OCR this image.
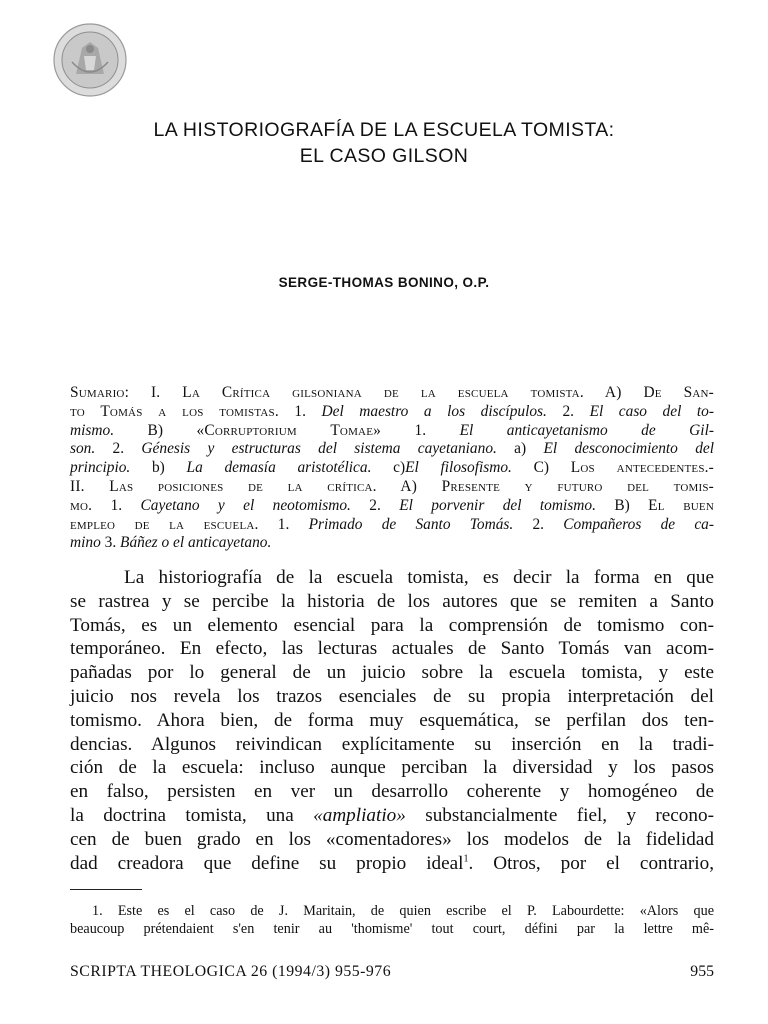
LA HISTORIOGRAFÍA DE LA ESCUELA TOMISTA:
EL CASO GILSON
SERGE-THOMAS BONINO, O.P.
Sumario: I. La Crítica gilsoniana de la escuela tomista. A) De San-
to Tomás a los tomistas. 1. Del maestro a los discípulos. 2. El caso del to-
mismo. B) «Corruptorium Tomae» 1. El anticayetanismo de Gil-
son. 2. Génesis y estructuras del sistema cayetaniano. a) El desconocimiento del
principio. b) La demasía aristotélica. c)El filosofismo. C) Los antecedentes.-
II. Las posiciones de la crítica. A) Presente y futuro del tomis-
mo. 1. Cayetano y el neotomismo. 2. El porvenir del tomismo. B) El buen
empleo de la escuela. 1. Primado de Santo Tomás. 2. Compañeros de ca-
mino 3. Báñez o el anticayetano.
La historiografía de la escuela tomista, es decir la forma en que
se rastrea y se percibe la historia de los autores que se remiten a Santo
Tomás, es un elemento esencial para la comprensión de tomismo con-
temporáneo. En efecto, las lecturas actuales de Santo Tomás van acom-
pañadas por lo general de un juicio sobre la escuela tomista, y este
juicio nos revela los trazos esenciales de su propia interpretación del
tomismo. Ahora bien, de forma muy esquemática, se perfilan dos ten-
dencias. Algunos reivindican explícitamente su inserción en la tradi-
ción de la escuela: incluso aunque perciban la diversidad y los pasos
en falso, persisten en ver un desarrollo coherente y homogéneo de
la doctrina tomista, una «ampliatio» substancialmente fiel, y recono-
cen de buen grado en los «comentadores» los modelos de la fidelidad
dad creadora que define su propio ideal$^1$. Otros, por el contrario,
1. Este es el caso de J. Maritain, de quien escribe el P. Labourdette: «Alors que
beaucoup prétendaient s'en tenir au 'thomisme' tout court, défini par la lettre mê-
SCRIPTA THEOLOGICA 26 (1994/3) 955-976	955
